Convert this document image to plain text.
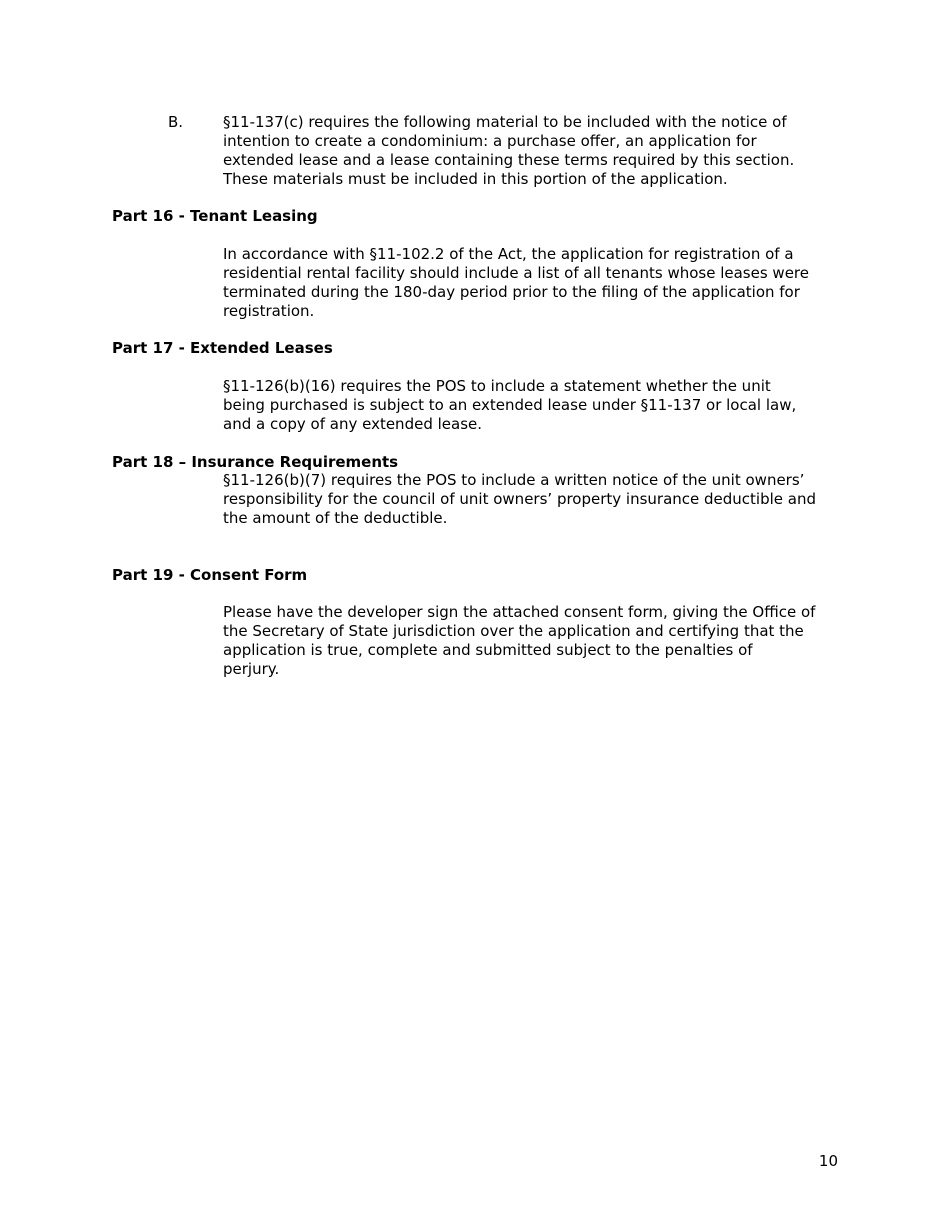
B.	§11-137(c) requires the following material to be included with the notice of
intention to create a condominium: a purchase offer, an application for
extended lease and a lease containing these terms required by this section.
These materials must be included in this portion of the application.
Part 16 - Tenant Leasing
In accordance with §11-102.2 of the Act, the application for registration of a
residential rental facility should include a list of all tenants whose leases were
terminated during the 180-day period prior to the filing of the application for
registration.
Part 17 - Extended Leases
§11-126(b)(16) requires the POS to include a statement whether the unit
being purchased is subject to an extended lease under §11-137 or local law,
and a copy of any extended lease.
Part 18 – Insurance Requirements
§11-126(b)(7) requires the POS to include a written notice of the unit owners’
responsibility for the council of unit owners’ property insurance deductible and
the amount of the deductible.
Part 19 - Consent Form
Please have the developer sign the attached consent form, giving the Office of
the Secretary of State jurisdiction over the application and certifying that the
application is true, complete and submitted subject to the penalties of
perjury.
10
